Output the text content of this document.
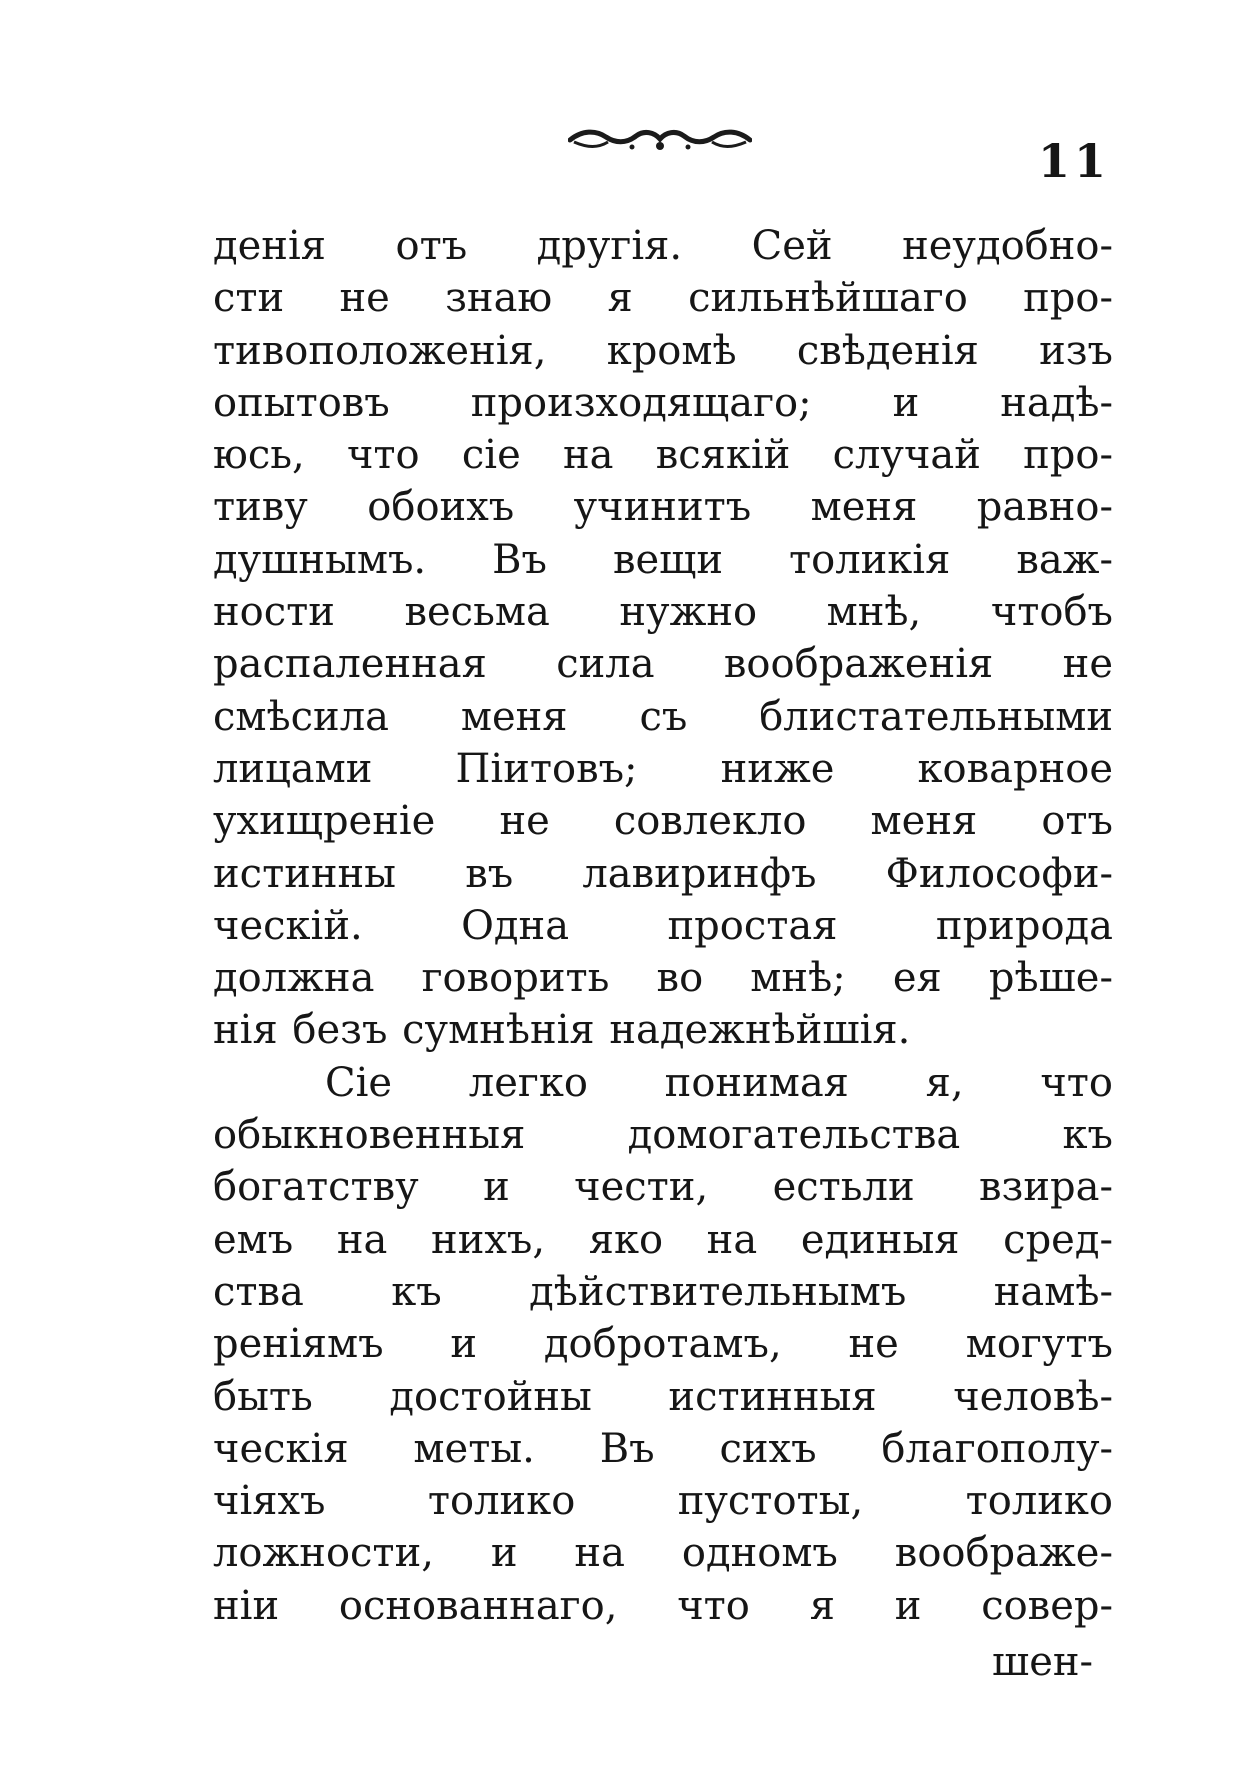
11
денія отъ другія. Сей неудобно-
сти не знаю я сильнѣйшаго про-
тивоположенія, кромѣ свѣденія изъ
опытовъ произходящаго; и надѣ-
юсь, что сіе на всякій случай про-
тиву обоихъ учинитъ меня равно-
душнымъ. Въ вещи толикія важ-
ности весьма нужно мнѣ, чтобъ
распаленная сила воображенія не
смѣсила меня съ блистательными
лицами Піитовъ; ниже коварное
ухищреніе не совлекло меня отъ
истинны въ лавиринфъ Философи-
ческій. Одна простая природа
должна говорить во мнѣ; ея рѣше-
нія безъ сумнѣнія надежнѣйшія.
Сіе легко понимая я, что
обыкновенныя домогательства къ
богатству и чести, естьли взира-
емъ на нихъ, яко на единыя сред-
ства къ дѣйствительнымъ намѣ-
реніямъ и добротамъ, не могутъ
быть достойны истинныя человѣ-
ческія меты. Въ сихъ благополу-
чіяхъ толико пустоты, толико
ложности, и на одномъ воображе-
ніи основаннаго, что я и совер-
шен-
